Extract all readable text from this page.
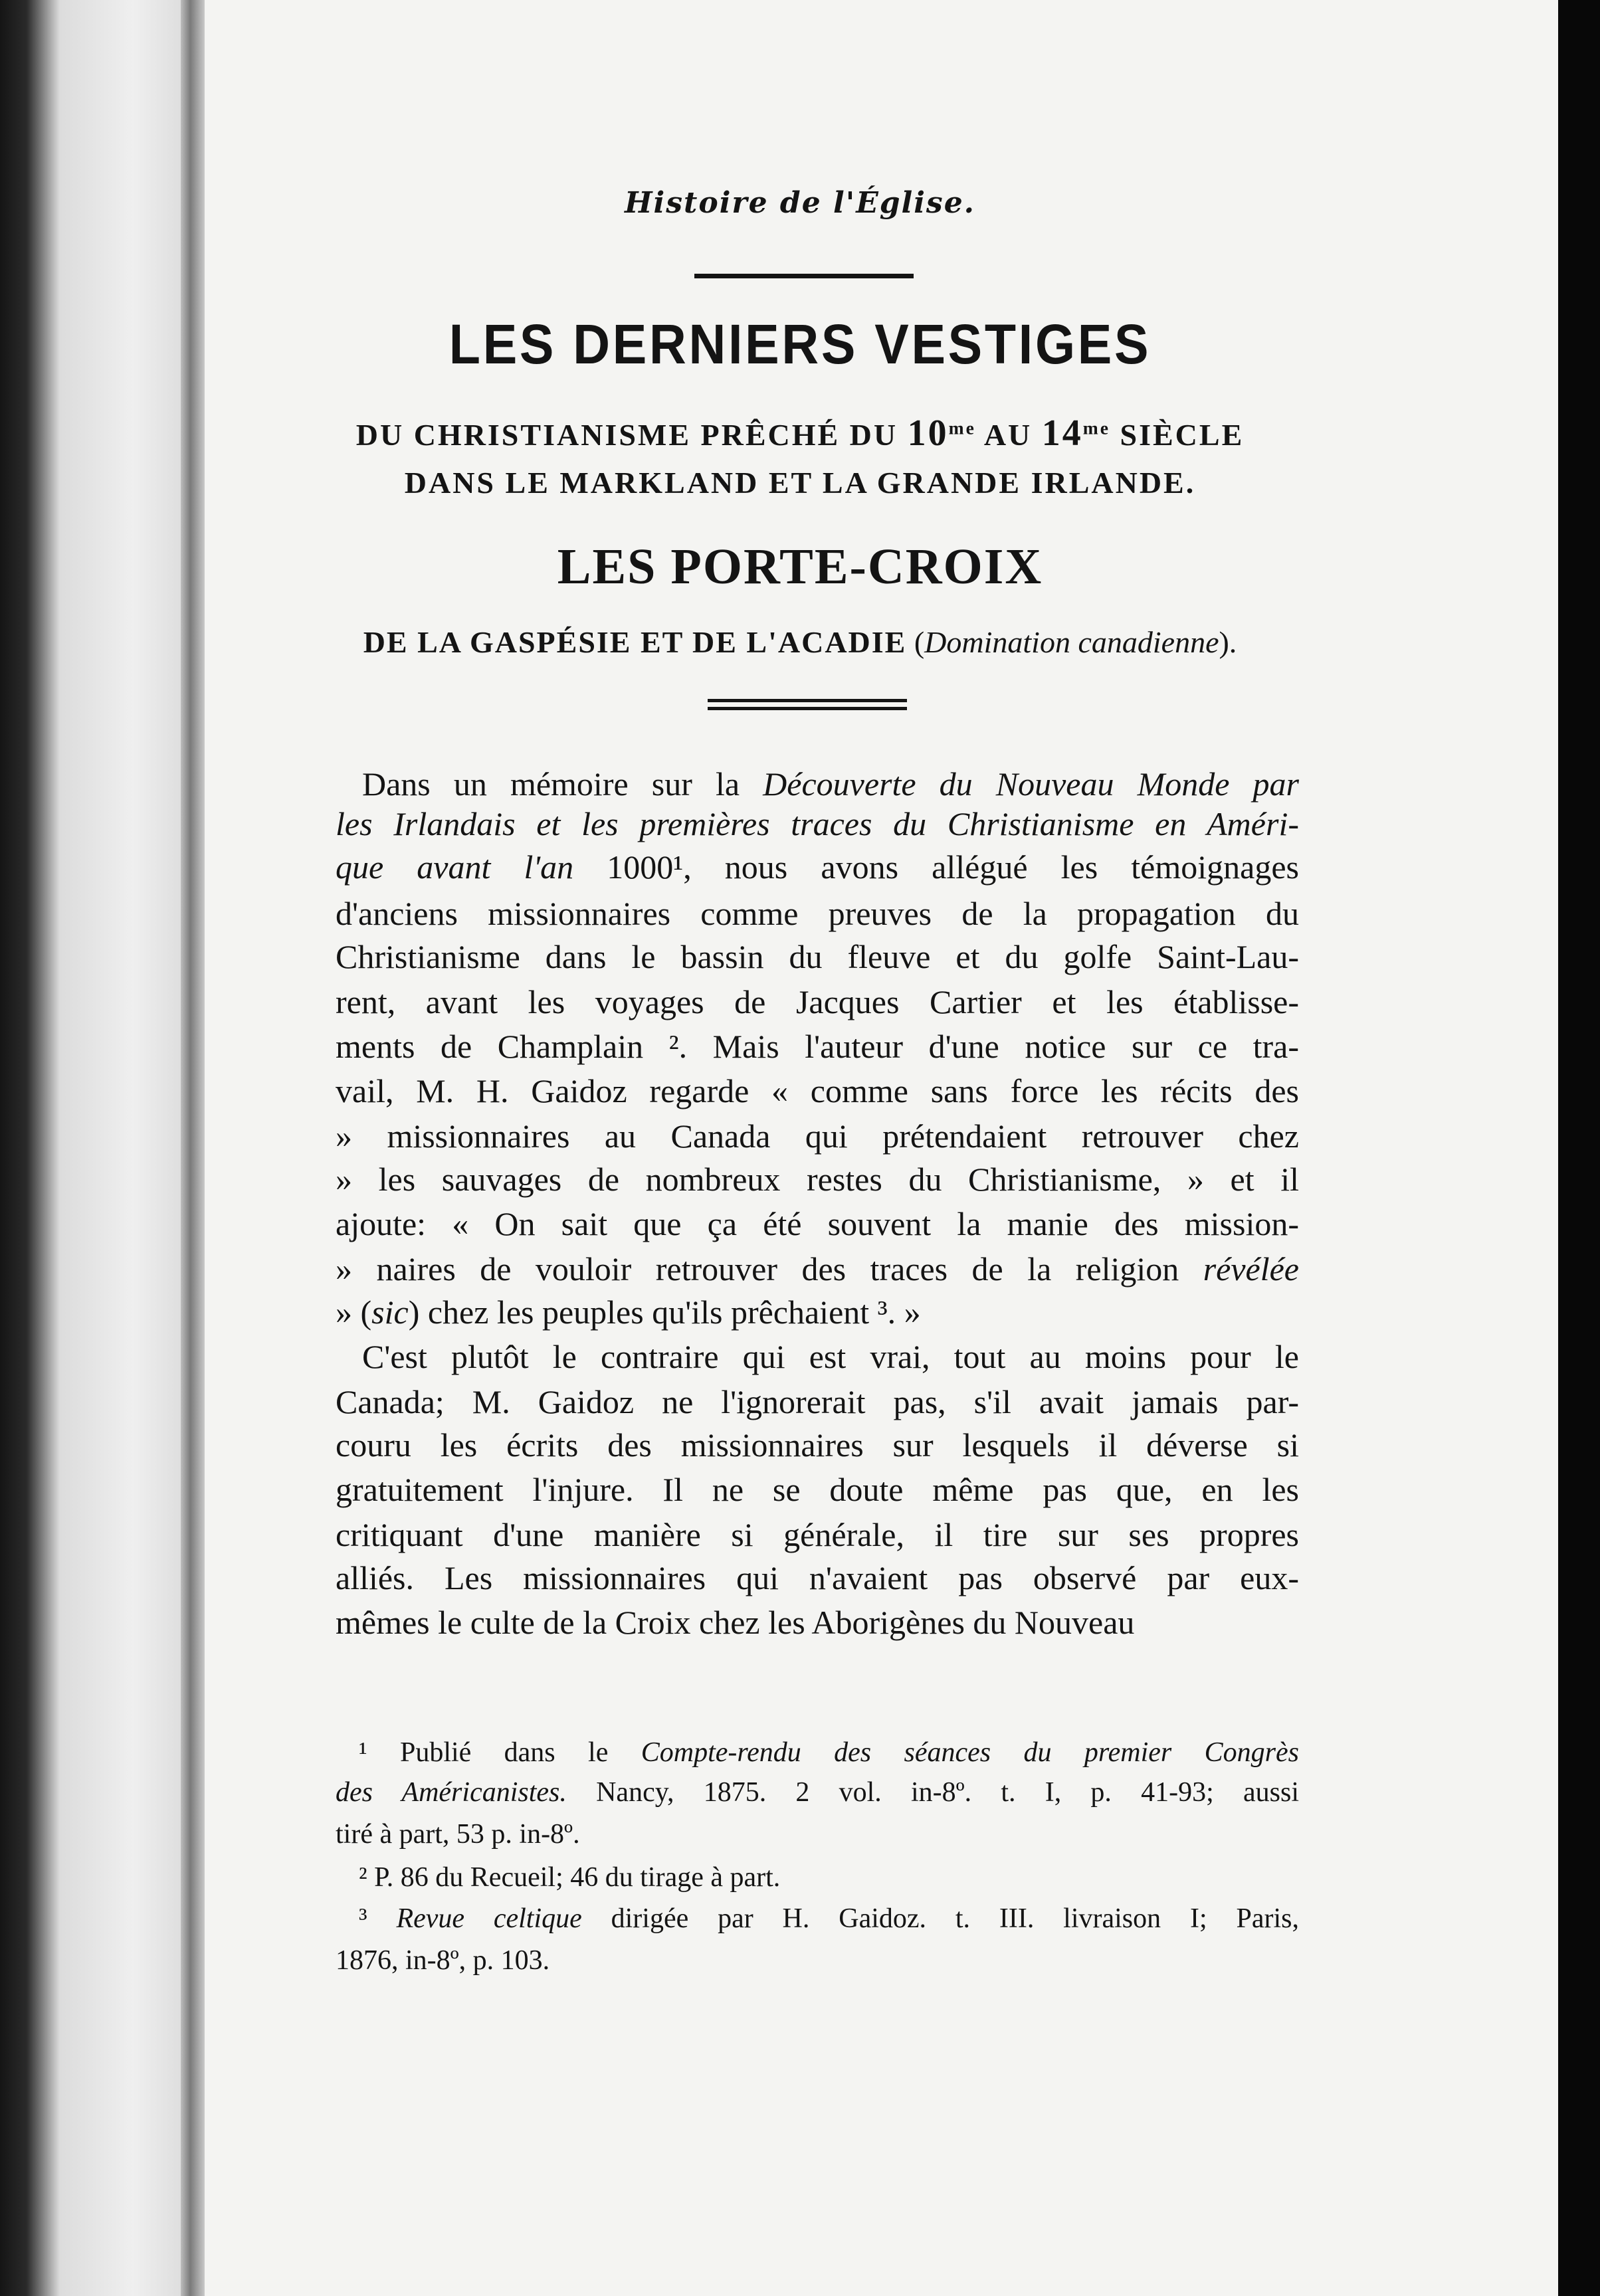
Histoire de l'Église.
LES DERNIERS VESTIGES
DU CHRISTIANISME PRÊCHÉ DU $10^{me}$ AU $14^{me}$ SIÈCLE
DANS LE MARKLAND ET LA GRANDE IRLANDE.
LES PORTE-CROIX
DE LA GASPÉSIE ET DE L'ACADIE (Domination canadienne).
Dans un mémoire sur la Découverte du Nouveau Monde par
les Irlandais et les premières traces du Christianisme en Améri-
que avant l'an 1000¹, nous avons allégué les témoignages
d'anciens missionnaires comme preuves de la propagation du
Christianisme dans le bassin du fleuve et du golfe Saint-Lau-
rent, avant les voyages de Jacques Cartier et les établisse-
ments de Champlain ². Mais l'auteur d'une notice sur ce tra-
vail, M. H. Gaidoz regarde « comme sans force les récits des
» missionnaires au Canada qui prétendaient retrouver chez
» les sauvages de nombreux restes du Christianisme, » et il
ajoute: « On sait que ça été souvent la manie des mission-
» naires de vouloir retrouver des traces de la religion révélée
» (sic) chez les peuples qu'ils prêchaient ³. »
C'est plutôt le contraire qui est vrai, tout au moins pour le
Canada; M. Gaidoz ne l'ignorerait pas, s'il avait jamais par-
couru les écrits des missionnaires sur lesquels il déverse si
gratuitement l'injure. Il ne se doute même pas que, en les
critiquant d'une manière si générale, il tire sur ses propres
alliés. Les missionnaires qui n'avaient pas observé par eux-
mêmes le culte de la Croix chez les Aborigènes du Nouveau
¹ Publié dans le Compte-rendu des séances du premier Congrès
des Américanistes. Nancy, 1875. 2 vol. in-8º. t. I, p. 41-93; aussi
tiré à part, 53 p. in-8º.
² P. 86 du Recueil; 46 du tirage à part.
³ Revue celtique dirigée par H. Gaidoz. t. III. livraison I; Paris,
1876, in-8º, p. 103.
